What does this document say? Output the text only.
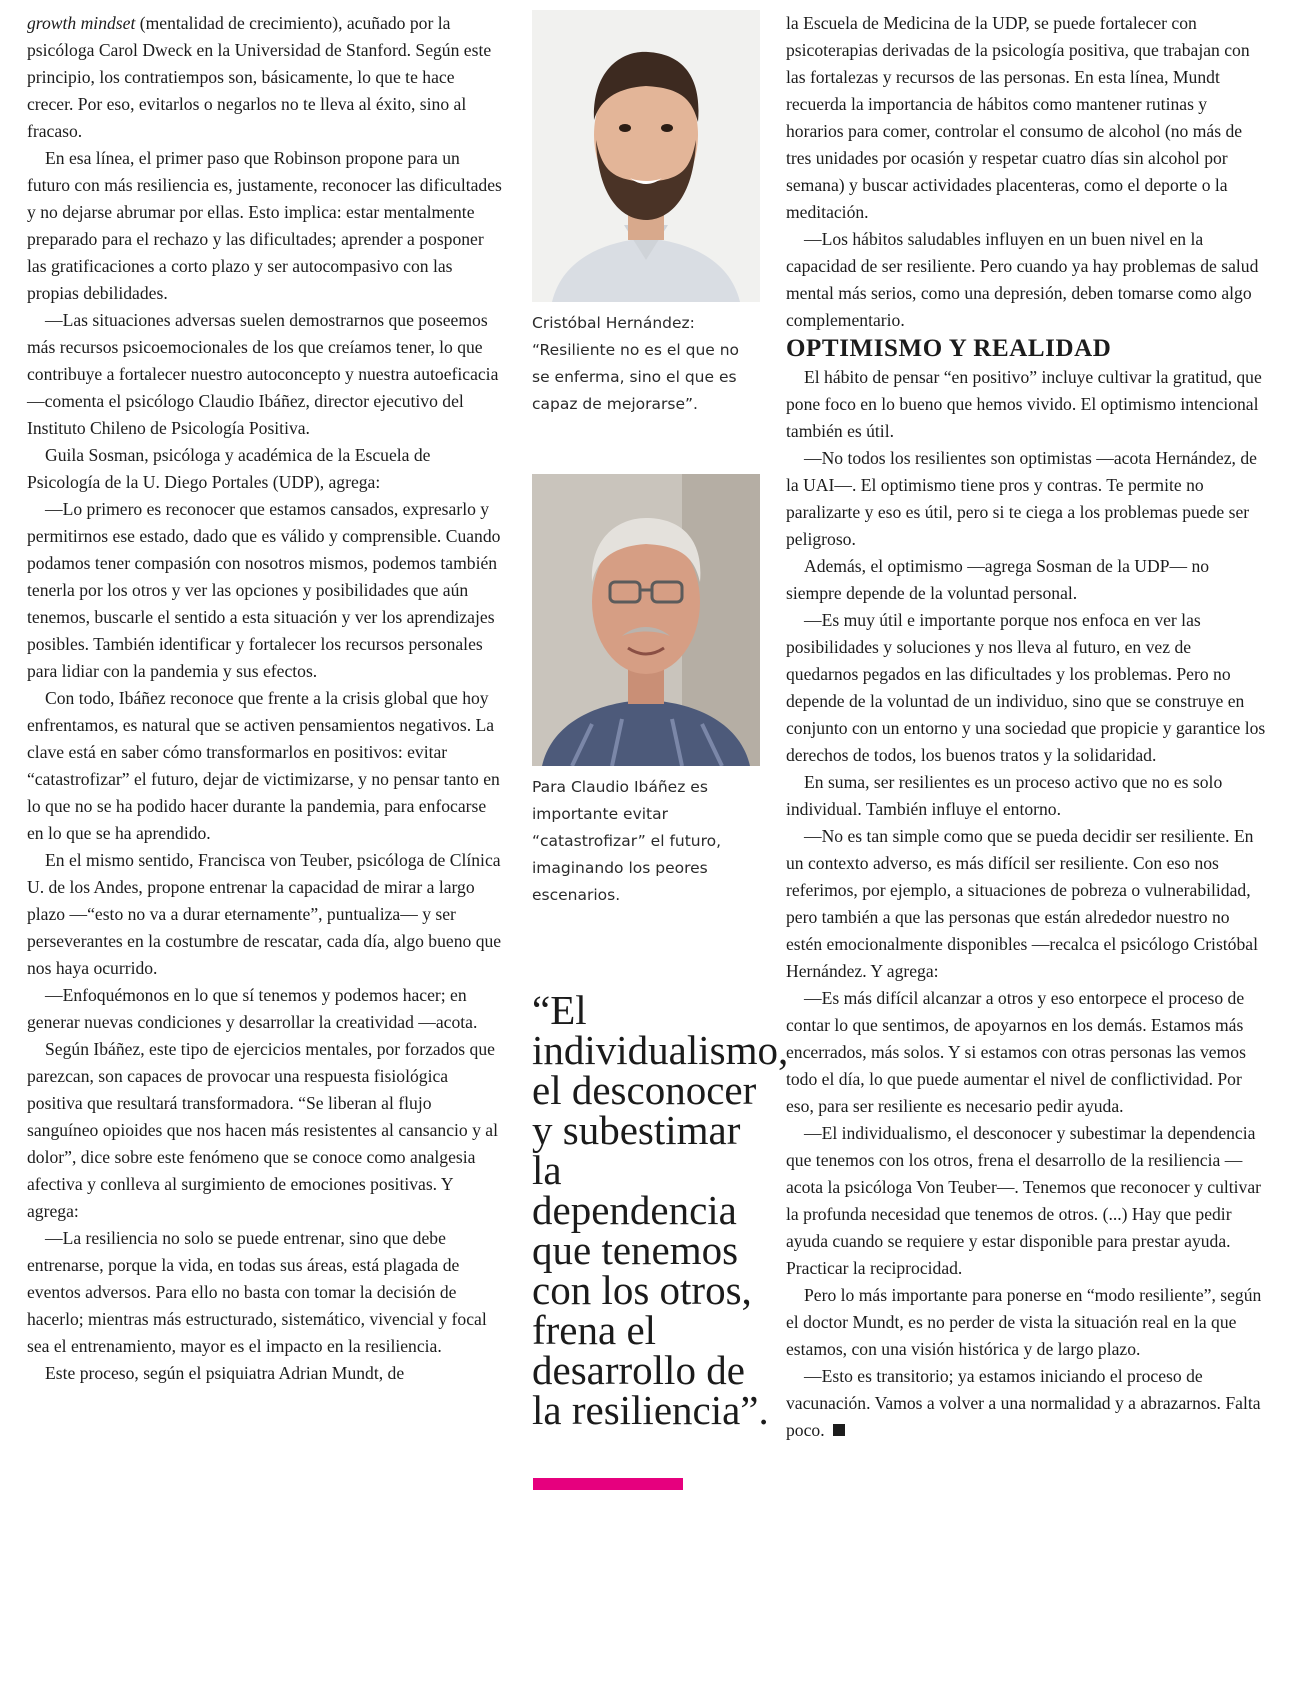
growth mindset (mentalidad de crecimiento), acuñado por la psicóloga Carol Dweck en la Universidad de Stanford. Según este principio, los contratiempos son, básicamente, lo que te hace crecer. Por eso, evitarlos o negarlos no te lleva al éxito, sino al fracaso.

En esa línea, el primer paso que Robinson propone para un futuro con más resiliencia es, justamente, reconocer las dificultades y no dejarse abrumar por ellas. Esto implica: estar mentalmente preparado para el rechazo y las dificultades; aprender a posponer las gratificaciones a corto plazo y ser autocompasivo con las propias debilidades.

—Las situaciones adversas suelen demostrarnos que poseemos más recursos psicoemocionales de los que creíamos tener, lo que contribuye a fortalecer nuestro autoconcepto y nuestra autoeficacia —comenta el psicólogo Claudio Ibáñez, director ejecutivo del Instituto Chileno de Psicología Positiva.

Guila Sosman, psicóloga y académica de la Escuela de Psicología de la U. Diego Portales (UDP), agrega:

—Lo primero es reconocer que estamos cansados, expresarlo y permitirnos ese estado, dado que es válido y comprensible. Cuando podamos tener compasión con nosotros mismos, podemos también tenerla por los otros y ver las opciones y posibilidades que aún tenemos, buscarle el sentido a esta situación y ver los aprendizajes posibles. También identificar y fortalecer los recursos personales para lidiar con la pandemia y sus efectos.

Con todo, Ibáñez reconoce que frente a la crisis global que hoy enfrentamos, es natural que se activen pensamientos negativos. La clave está en saber cómo transformarlos en positivos: evitar “catastrofizar” el futuro, dejar de victimizarse, y no pensar tanto en lo que no se ha podido hacer durante la pandemia, para enfocarse en lo que se ha aprendido.

En el mismo sentido, Francisca von Teuber, psicóloga de Clínica U. de los Andes, propone entrenar la capacidad de mirar a largo plazo —“esto no va a durar eternamente”, puntualiza— y ser perseverantes en la costumbre de rescatar, cada día, algo bueno que nos haya ocurrido.

—Enfoquémonos en lo que sí tenemos y podemos hacer; en generar nuevas condiciones y desarrollar la creatividad —acota.

Según Ibáñez, este tipo de ejercicios mentales, por forzados que parezcan, son capaces de provocar una respuesta fisiológica positiva que resultará transformadora. “Se liberan al flujo sanguíneo opioides que nos hacen más resistentes al cansancio y al dolor”, dice sobre este fenómeno que se conoce como analgesia afectiva y conlleva al surgimiento de emociones positivas. Y agrega:

—La resiliencia no solo se puede entrenar, sino que debe entrenarse, porque la vida, en todas sus áreas, está plagada de eventos adversos. Para ello no basta con tomar la decisión de hacerlo; mientras más estructurado, sistemático, vivencial y focal sea el entrenamiento, mayor es el impacto en la resiliencia.

Este proceso, según el psiquiatra Adrian Mundt, de

Cristóbal Hernández: “Resiliente no es el que no se enferma, sino el que es capaz de mejorarse”.
Para Claudio Ibáñez es importante evitar “catastrofizar” el futuro, imaginando los peores escenarios.
“El individualismo, el desconocer y subestimar la dependencia que tenemos con los otros, frena el desarrollo de la resiliencia”.

la Escuela de Medicina de la UDP, se puede fortalecer con psicoterapias derivadas de la psicología positiva, que trabajan con las fortalezas y recursos de las personas. En esta línea, Mundt recuerda la importancia de hábitos como mantener rutinas y horarios para comer, controlar el consumo de alcohol (no más de tres unidades por ocasión y respetar cuatro días sin alcohol por semana) y buscar actividades placenteras, como el deporte o la meditación.

—Los hábitos saludables influyen en un buen nivel en la capacidad de ser resiliente. Pero cuando ya hay problemas de salud mental más serios, como una depresión, deben tomarse como algo complementario.

OPTIMISMO Y REALIDAD

El hábito de pensar “en positivo” incluye cultivar la gratitud, que pone foco en lo bueno que hemos vivido. El optimismo intencional también es útil.

—No todos los resilientes son optimistas —acota Hernández, de la UAI—. El optimismo tiene pros y contras. Te permite no paralizarte y eso es útil, pero si te ciega a los problemas puede ser peligroso.

Además, el optimismo —agrega Sosman de la UDP— no siempre depende de la voluntad personal.

—Es muy útil e importante porque nos enfoca en ver las posibilidades y soluciones y nos lleva al futuro, en vez de quedarnos pegados en las dificultades y los problemas. Pero no depende de la voluntad de un individuo, sino que se construye en conjunto con un entorno y una sociedad que propicie y garantice los derechos de todos, los buenos tratos y la solidaridad.

En suma, ser resilientes es un proceso activo que no es solo individual. También influye el entorno.

—No es tan simple como que se pueda decidir ser resiliente. En un contexto adverso, es más difícil ser resiliente. Con eso nos referimos, por ejemplo, a situaciones de pobreza o vulnerabilidad, pero también a que las personas que están alrededor nuestro no estén emocionalmente disponibles —recalca el psicólogo Cristóbal Hernández. Y agrega:

—Es más difícil alcanzar a otros y eso entorpece el proceso de contar lo que sentimos, de apoyarnos en los demás. Estamos más encerrados, más solos. Y si estamos con otras personas las vemos todo el día, lo que puede aumentar el nivel de conflictividad. Por eso, para ser resiliente es necesario pedir ayuda.

—El individualismo, el desconocer y subestimar la dependencia que tenemos con los otros, frena el desarrollo de la resiliencia —acota la psicóloga Von Teuber—. Tenemos que reconocer y cultivar la profunda necesidad que tenemos de otros. (...) Hay que pedir ayuda cuando se requiere y estar disponible para prestar ayuda. Practicar la reciprocidad.

Pero lo más importante para ponerse en “modo resiliente”, según el doctor Mundt, es no perder de vista la situación real en la que estamos, con una visión histórica y de largo plazo.

—Esto es transitorio; ya estamos iniciando el proceso de vacunación. Vamos a volver a una normalidad y a abrazarnos. Falta poco.
